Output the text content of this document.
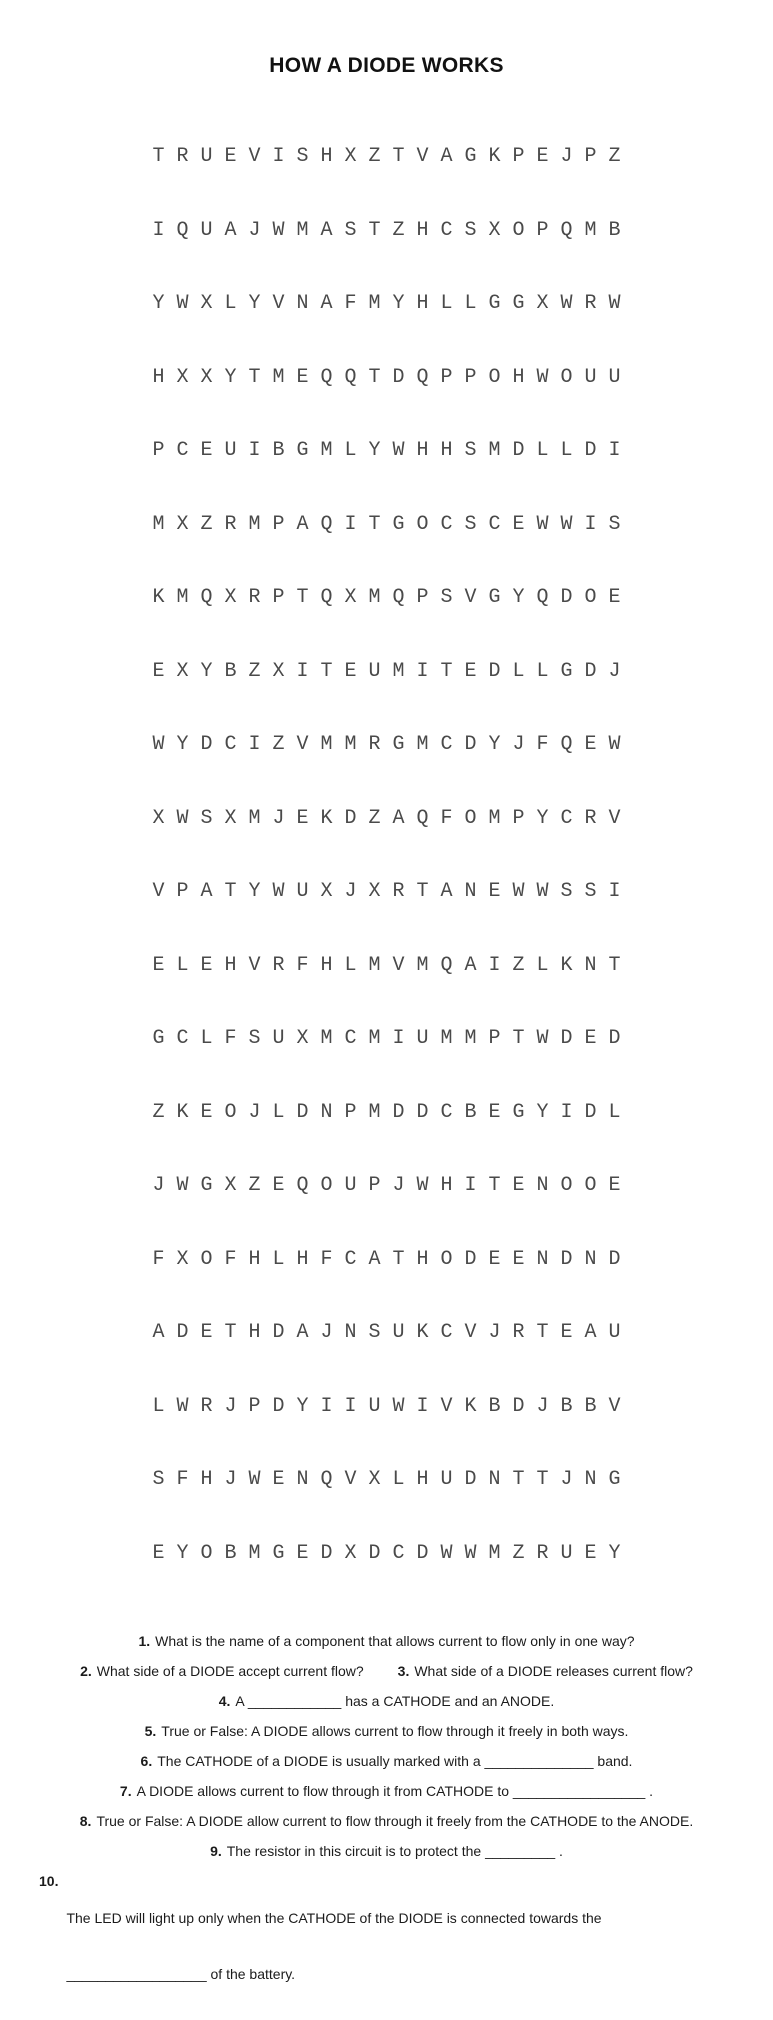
HOW A DIODE WORKS

T R U E V I S H X Z T V A G K P E J P Z

I Q U A J W M A S T Z H C S X O P Q M B

Y W X L Y V N A F M Y H L L G G X W R W

H X X Y T M E Q Q T D Q P P O H W O U U

P C E U I B G M L Y W H H S M D L L D I

M X Z R M P A Q I T G O C S C E W W I S

K M Q X R P T Q X M Q P S V G Y Q D O E

E X Y B Z X I T E U M I T E D L L G D J

W Y D C I Z V M M R G M C D Y J F Q E W

X W S X M J E K D Z A Q F O M P Y C R V

V P A T Y W U X J X R T A N E W W S S I

E L E H V R F H L M V M Q A I Z L K N T

G C L F S U X M C M I U M M P T W D E D

Z K E O J L D N P M D D C B E G Y I D L

J W G X Z E Q O U P J W H I T E N O O E

F X O F H L H F C A T H O D E E N D N D

A D E T H D A J N S U K C V J R T E A U

L W R J P D Y I I U W I V K B D J B B V

S F H J W E N Q V X L H U D N T T J N G

E Y O B M G E D X D C D W W M Z R U E Y

1. What is the name of a component that allows current to flow only in one way?
2. What side of a DIODE accept current flow? 3. What side of a DIODE releases current flow?
4. A ____________ has a CATHODE and an ANODE.
5. True or False: A DIODE allows current to flow through it freely in both ways.
6. The CATHODE of a DIODE is usually marked with a ______________ band.
7. A DIODE allows current to flow through it from CATHODE to _________________ .
8. True or False: A DIODE allow current to flow through it freely from the CATHODE to the ANODE.
9. The resistor in this circuit is to protect the _________ .
10.

The LED will light up only when the CATHODE of the DIODE is connected towards the

__________________ of the battery.
